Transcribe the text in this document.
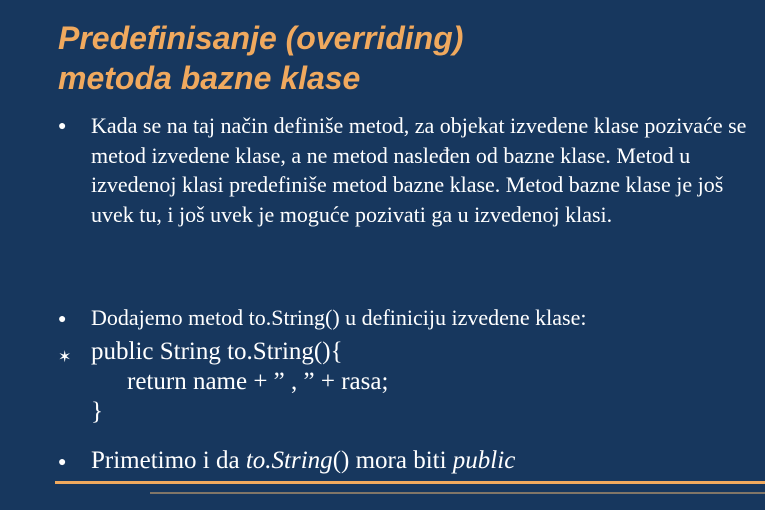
Predefinisanje (overriding)
metoda bazne klase
●	Kada se na taj način definiše metod, za objekat izvedene klase pozivaće se metod izvedene klase, a ne metod nasleđen od bazne klase. Metod u izvedenoj klasi predefiniše metod bazne klase. Metod bazne klase je još uvek tu, i još uvek je moguće pozivati ga u izvedenoj klasi.
●	Dodajemo metod to.String() u definiciju izvedene klase:
✶ public String to.String(){
return name + ” , ” + rasa;
}
● Primetimo i da to.String() mora biti public
